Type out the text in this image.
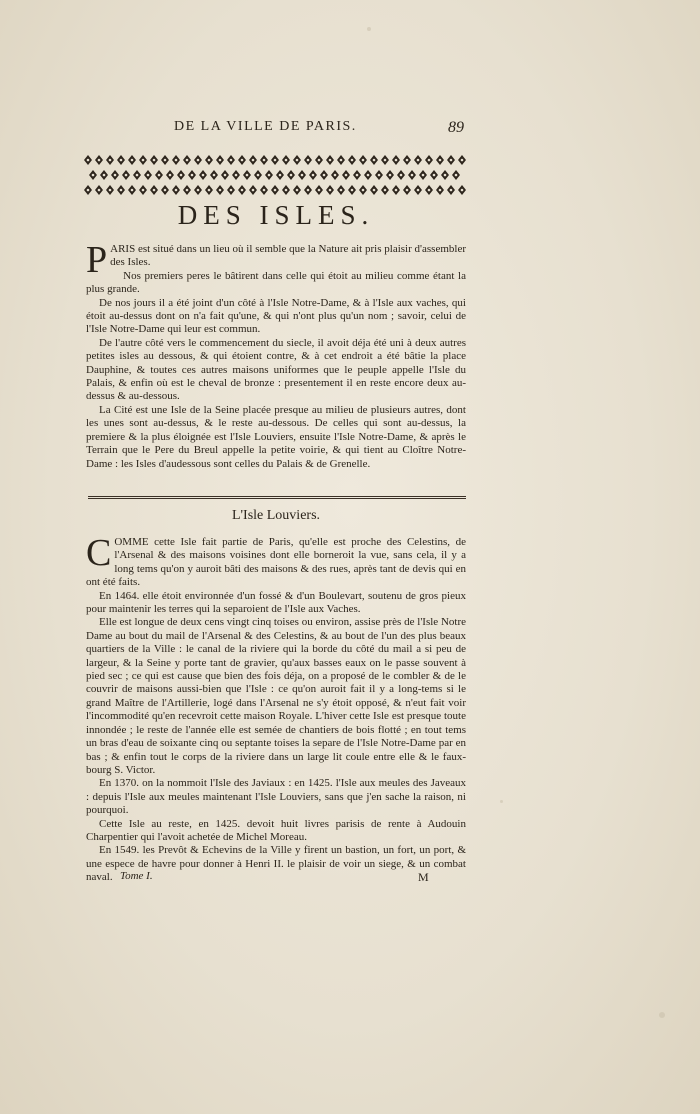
DE LA VILLE DE PARIS.	89
DES ISLES.

PARIS est situé dans un lieu où il semble que la Nature ait pris plaisir d'assembler des Isles.

Nos premiers peres le bâtirent dans celle qui étoit au milieu comme étant la plus grande.

De nos jours il a été joint d'un côté à l'Isle Notre-Dame, & à l'Isle aux vaches, qui étoit au-dessus dont on n'a fait qu'une, & qui n'ont plus qu'un nom ; savoir, celui de l'Isle Notre-Dame qui leur est commun.

De l'autre côté vers le commencement du siecle, il avoit déja été uni à deux autres petites isles au dessous, & qui étoient contre, & à cet endroit a été bâtie la place Dauphine, & toutes ces autres maisons uniformes que le peuple appelle l'Isle du Palais, & enfin où est le cheval de bronze : presentement il en reste encore deux au-dessus & au-dessous.

La Cité est une Isle de la Seine placée presque au milieu de plusieurs autres, dont les unes sont au-dessus, & le reste au-dessous. De celles qui sont au-dessus, la premiere & la plus éloignée est l'Isle Louviers, ensuite l'Isle Notre-Dame, & après le Terrain que le Pere du Breul appelle la petite voirie, & qui tient au Cloître Notre-Dame : les Isles d'audessous sont celles du Palais & de Grenelle.

L'Isle Louviers.

COMME cette Isle fait partie de Paris, qu'elle est proche des Celestins, de l'Arsenal & des maisons voisines dont elle borneroit la vue, sans cela, il y a long tems qu'on y auroit bâti des maisons & des rues, après tant de devis qui en ont été faits.

En 1464. elle étoit environnée d'un fossé & d'un Boulevart, soutenu de gros pieux pour maintenir les terres qui la separoient de l'Isle aux Vaches.

Elle est longue de deux cens vingt cinq toises ou environ, assise près de l'Isle Notre Dame au bout du mail de l'Arsenal & des Celestins, & au bout de l'un des plus beaux quartiers de la Ville : le canal de la riviere qui la borde du côté du mail a si peu de largeur, & la Seine y porte tant de gravier, qu'aux basses eaux on le passe souvent à pied sec ; ce qui est cause que bien des fois déja, on a proposé de le combler & de le couvrir de maisons aussi-bien que l'Isle : ce qu'on auroit fait il y a long-tems si le grand Maître de l'Artillerie, logé dans l'Arsenal ne s'y étoit opposé, & n'eut fait voir l'incommodité qu'en recevroit cette maison Royale. L'hiver cette Isle est presque toute innondée ; le reste de l'année elle est semée de chantiers de bois flotté ; en tout tems un bras d'eau de soixante cinq ou septante toises la separe de l'Isle Notre-Dame par en bas ; & enfin tout le corps de la riviere dans un large lit coule entre elle & le faux-bourg S. Victor.

En 1370. on la nommoit l'Isle des Javiaux : en 1425. l'Isle aux meules des Javeaux : depuis l'Isle aux meules maintenant l'Isle Louviers, sans que j'en sache la raison, ni pourquoi.

Cette Isle au reste, en 1425. devoit huit livres parisis de rente à Audouin Charpentier qui l'avoit achetée de Michel Moreau.

En 1549. les Prevôt & Echevins de la Ville y firent un bastion, un fort, un port, & une espece de havre pour donner à Henri II. le plaisir de voir un siege, & un combat naval. Tome I.	M
